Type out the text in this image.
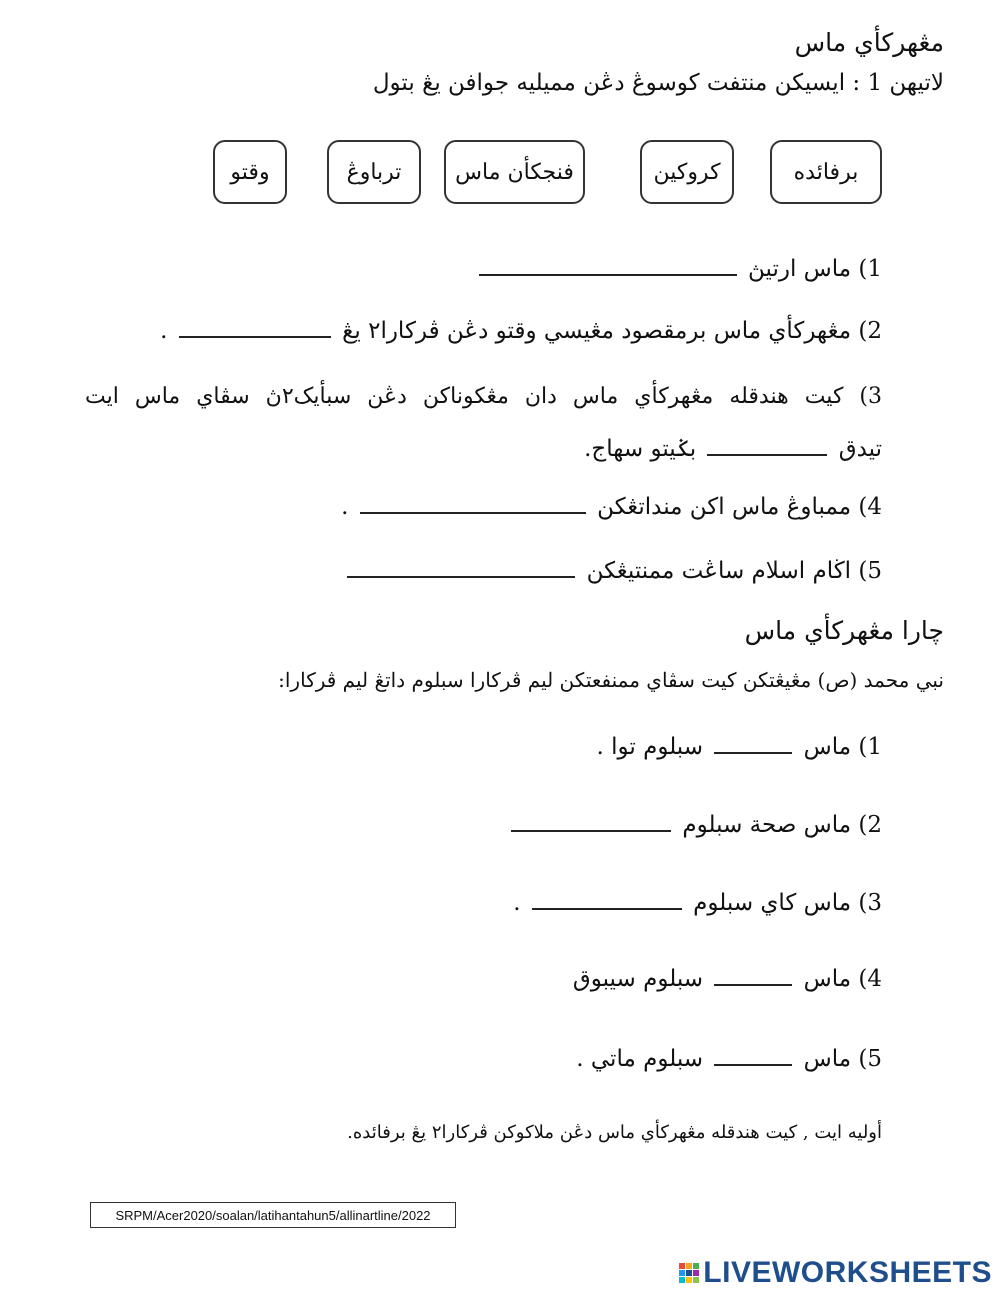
مڠهرکأي ماس
لاتيهن 1 : ايسيکن منتفت کوسوڠ دڠن مميليه جوافن يڠ بتول
برفائده
کروکين
فنجکأن ماس
ترباوڠ
وقتو
1) ماس ارتيڽ
2) مڠهرکأي ماس برمقصود مڠيسي وقتو دڠن ڤرکارا٢ يڠ  .
3) کيت هندقله مڠهرکأي ماس دان مڠکوناکن دڠن سبأيک٢ڽ سڤاي ماس ايت
تيدق  بݢيتو سهاج.
4) ممباوڠ ماس اکن منداتڠکن  .
5) اڬام اسلام ساڠت ممنتيڠکن
چارا مڠهرکأي ماس
نبي محمد (ص) مڠيڠتکن کيت سڤاي ممنفعتکن ليم ڤرکارا سبلوم داتڠ ليم ڤرکارا:
1) ماس  سبلوم توا .
2) ماس صحة سبلوم
3) ماس کاي سبلوم  .
4) ماس  سبلوم سيبوق
5) ماس  سبلوم ماتي .
أوليه ايت , کيت هندقله مڠهرکأي ماس دڠن ملاکوکن ڤرکارا٢ يڠ برفائده.
SRPM/Acer2020/soalan/latihantahun5/allinartline/2022
LIVEWORKSHEETS
